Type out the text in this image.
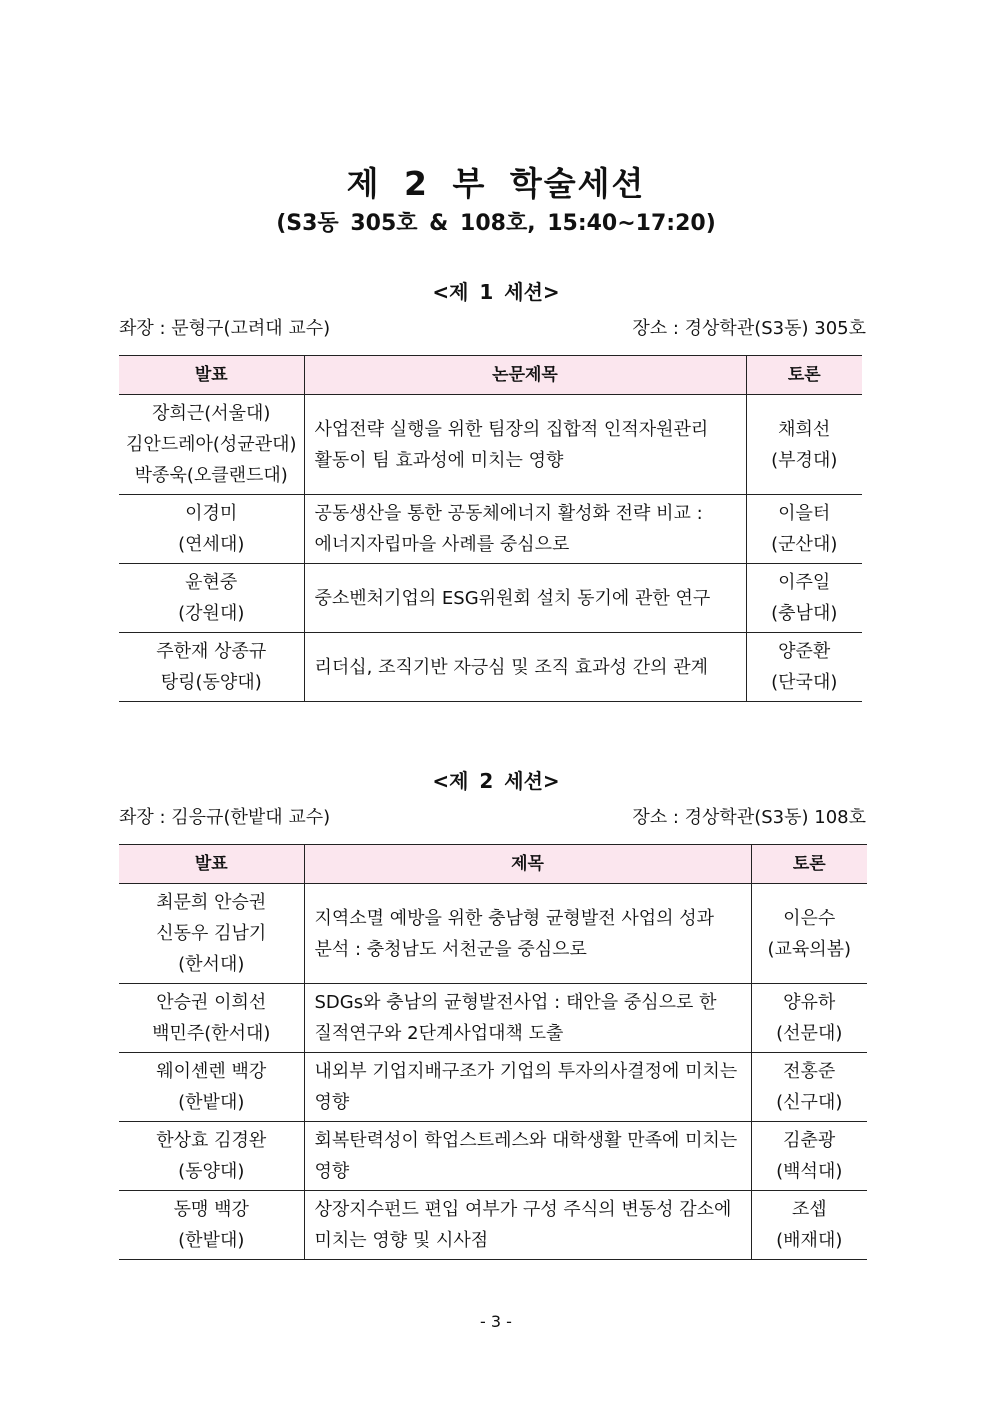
제 2 부 학술세션
(S3동 305호 & 108호, 15:40~17:20)
<제 1 세션>
좌장 : 문형구(고려대 교수)	장소 : 경상학관(S3동) 305호
발표	논문제목	토론

장희근(서울대)
김안드레아(성균관대)
박종욱(오클랜드대)	사업전략 실행을 위한 팀장의 집합적 인적자원관리
활동이 팀 효과성에 미치는 영향	채희선
(부경대)

이경미
(연세대)	공동생산을 통한 공동체에너지 활성화 전략 비교 :
에너지자립마을 사례를 중심으로	이을터
(군산대)

윤현중
(강원대)	중소벤처기업의 ESG위원회 설치 동기에 관한 연구	이주일
(충남대)

주한재 상종규
탕링(동양대)	리더십, 조직기반 자긍심 및 조직 효과성 간의 관계	양준환
(단국대)
<제 2 세션>
좌장 : 김응규(한밭대 교수)	장소 : 경상학관(S3동) 108호
발표	제목	토론

최문희 안승권
신동우 김남기
(한서대)	지역소멸 예방을 위한 충남형 균형발전 사업의 성과
분석 : 충청남도 서천군을 중심으로	이은수
(교육의봄)

안승권 이희선
백민주(한서대)	SDGs와 충남의 균형발전사업 : 태안을 중심으로 한
질적연구와 2단계사업대책 도출	양유하
(선문대)

웨이셴렌 백강
(한밭대)	내외부 기업지배구조가 기업의 투자의사결정에 미치는
영향	전홍준
(신구대)

한상효 김경완
(동양대)	회복탄력성이 학업스트레스와 대학생활 만족에 미치는
영향	김춘광
(백석대)

동맹 백강
(한밭대)	상장지수펀드 편입 여부가 구성 주식의 변동성 감소에
미치는 영향 및 시사점	조셉
(배재대)
- 3 -
